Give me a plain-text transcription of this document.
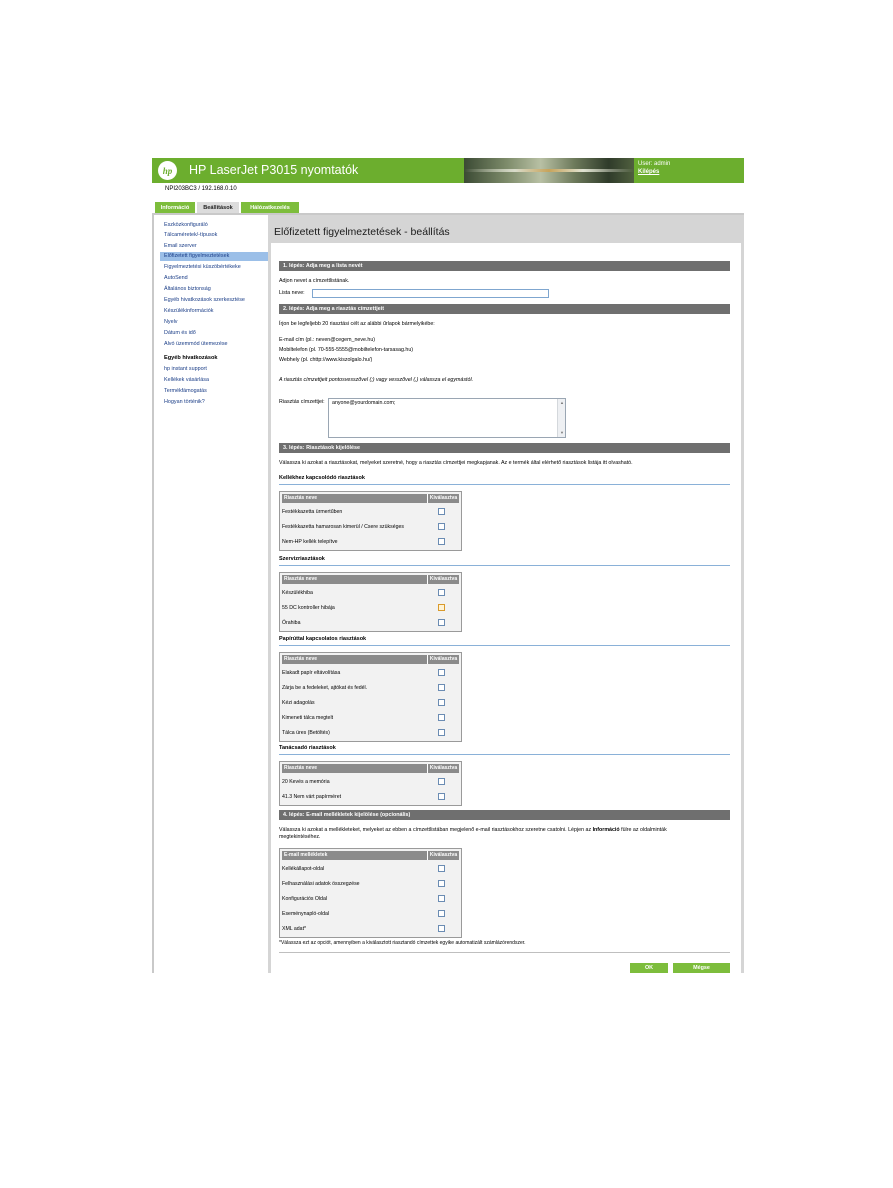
hp	HP LaserJet P3015 nyomtatók	User: admin
Kilépés
NPI203BC3 / 192.168.0.10
Információ	Beállítások	Hálózatkezelés
Eszközkonfiguráló
Tálcaméretek/-típusok
Email szerver
Előfizetett figyelmeztetések
Figyelmeztetési küszöbértékeke
AutoSend
Általános biztonság
Egyéb hivatkozások szerkesztése
Készülékinformációk
Nyelv
Dátum és idő
Alvó üzemmód ütemezése
Egyéb hivatkozások
hp instant support
Kellékek vásárlása
Termékfámogatás
Hogyan történik?
Előfizetett figyelmeztetések - beállítás
1. lépés: Adja meg a lista nevét
Adjon nevet a címzettlistának.
Lista neve:
2. lépés: Adja meg a riasztás címzettjeit
Írjon be legfeljebb 20 riasztási célt az alábbi űrlapok bármelyikébe:
E-mail cím (pl.: neven@cegem_neve.hu)
Mobiltelefon (pl. 70-555-5555@mobiltelefon-tarsasag.hu)
Webhely (pl. chttp://www.kiszolgalo.hu/)
A riasztás címzettjeit pontosvesszővel (;) vagy vesszővel (,) válassza el egymástól.
Riasztás címzettjei:	anyone@yourdomain.com;	▲
▼
3. lépés: Riasztások kijelölése
Válassza ki azokat a riasztásokat, melyeket szeretné, hogy a riasztás címzettjei megkapjanak. Az e termék által elérhető riasztások listája itt olvasható.
Kellékhez kapcsolódó riasztások
Riasztás neve	Kiválasztva
Festékkazetta ürmertűben
Festékkazetta hamarosan kimerül / Csere szükséges
Nem-HP kellék telepítve
Szervizriasztások
Riasztás neve	Kiválasztva
Készülékhiba
55 DC kontroller hibája
Órahiba
Papírúttal kapcsolatos riasztások
Riasztás neve	Kiválasztva
Elakadt papír eltávolítása
Zárja be a fedeleket, ajtókat és fedél.
Kézi adagolás
Kimeneti tálca megtelt
Tálca üres (Betöltés)
Tanácsadó riasztások
Riasztás neve	Kiválasztva
20 Kevés a memória
41.3 Nem várt papírméret
4. lépés: E-mail mellékletek kijelölése (opcionális)
Válassza ki azokat a mellékleteket, melyeket az ebben a címzettlistában megjelenő e-mail riasztásokhoz szeretne csatolni. Lépjen az Információ fülre az oldalminták
megtekintéséhez.
E-mail mellékletek	Kiválasztva
Kellékállapot-oldal
Felhasználási adatok összegzése
Konfigurációs Oldal
Eseménynapló-oldal
XML adat*
*Válassza ezt az opciót, amennyiben a kiválasztott riasztandó címzettek egyike automatizált számlázórendszer.
OK	Mégse
